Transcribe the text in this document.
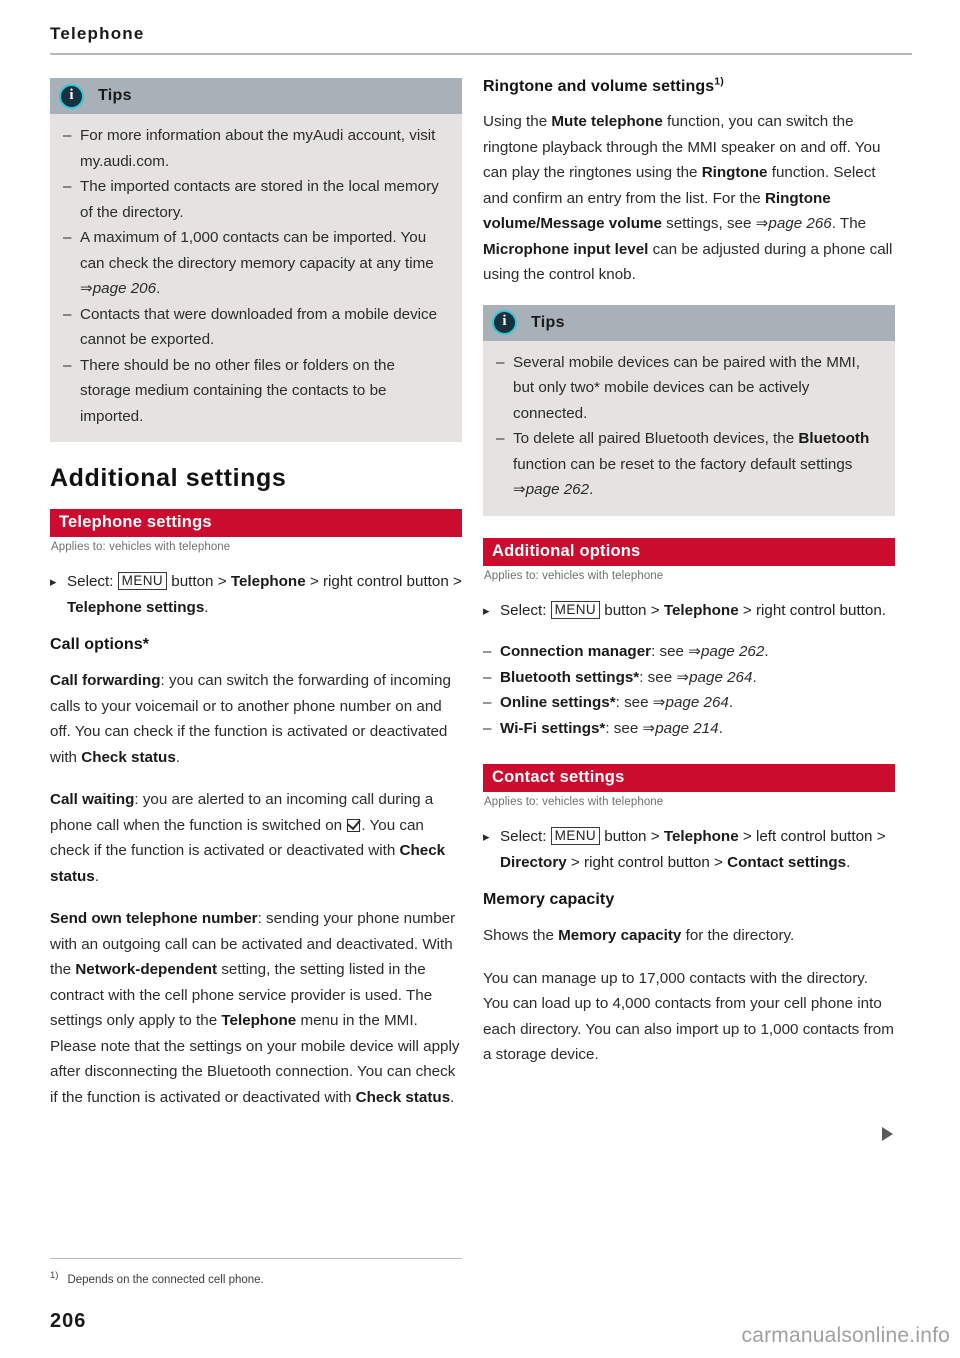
Telephone
i Tips
– For more information about the myAudi account, visit my.audi.com.
– The imported contacts are stored in the local memory of the directory.
– A maximum of 1,000 contacts can be imported. You can check the directory memory capacity at any time ⇒page 206.
– Contacts that were downloaded from a mobile device cannot be exported.
– There should be no other files or folders on the storage medium containing the contacts to be imported.
Additional settings
Telephone settings
Applies to: vehicles with telephone
▸ Select: MENU button > Telephone > right control button > Telephone settings.
Call options*

Call forwarding: you can switch the forwarding of incoming calls to your voicemail or to another phone number on and off. You can check if the function is activated or deactivated with Check status.

Call waiting: you are alerted to an incoming call during a phone call when the function is switched on . You can check if the function is activated or deactivated with Check status.

Send own telephone number: sending your phone number with an outgoing call can be activated and deactivated. With the Network-dependent setting, the setting listed in the contract with the cell phone service provider is used. The settings only apply to the Telephone menu in the MMI. Please note that the settings on your mobile device will apply after disconnecting the Bluetooth connection. You can check if the function is activated or deactivated with Check status.

Ringtone and volume settings$^{1)}$

Using the Mute telephone function, you can switch the ringtone playback through the MMI speaker on and off. You can play the ringtones using the Ringtone function. Select and confirm an entry from the list. For the Ringtone volume/Message volume settings, see ⇒page 266. The Microphone input level can be adjusted during a phone call using the control knob.

i Tips
– Several mobile devices can be paired with the MMI, but only two* mobile devices can be actively connected.
– To delete all paired Bluetooth devices, the Bluetooth function can be reset to the factory default settings ⇒page 262.
Additional options
Applies to: vehicles with telephone
▸ Select: MENU button > Telephone > right control button.
– Connection manager: see ⇒page 262.
– Bluetooth settings*: see ⇒page 264.
– Online settings*: see ⇒page 264.
– Wi-Fi settings*: see ⇒page 214.
Contact settings
Applies to: vehicles with telephone
▸ Select: MENU button > Telephone > left control button > Directory > right control button > Contact settings.
Memory capacity

Shows the Memory capacity for the directory.

You can manage up to 17,000 contacts with the directory. You can load up to 4,000 contacts from your cell phone into each directory. You can also import up to 1,000 contacts from a storage device.

$^{1)}$ Depends on the connected cell phone.
206
carmanualsonline.info
